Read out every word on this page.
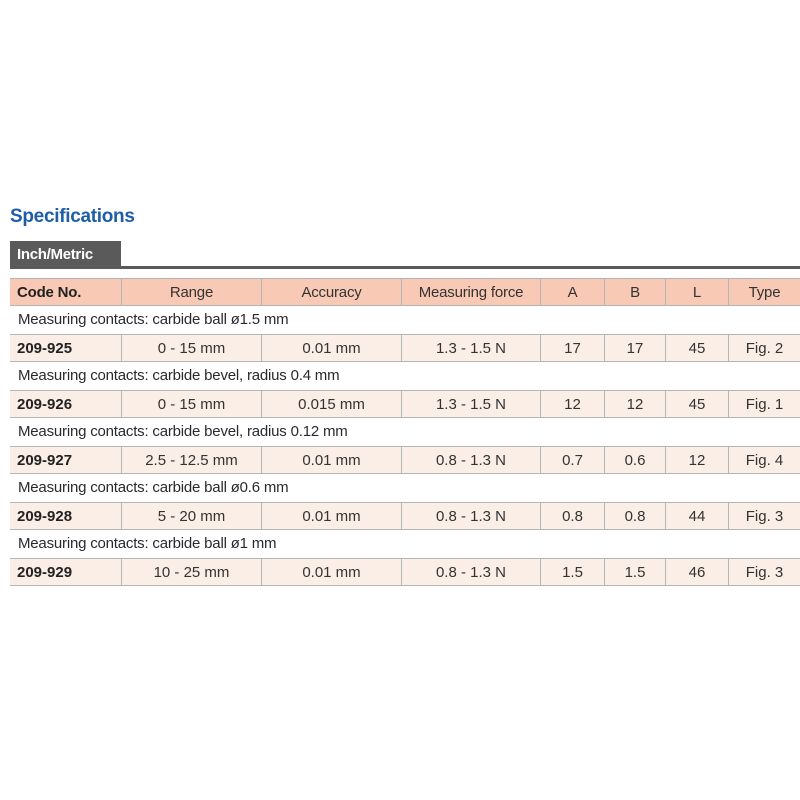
Specifications
Inch/Metric
Code No.	Range	Accuracy	Measuring force	A	B	L	Type
Measuring contacts: carbide ball ø1.5 mm
209-925	0 - 15 mm	0.01 mm	1.3 - 1.5 N	17	17	45	Fig. 2
Measuring contacts: carbide bevel, radius 0.4 mm
209-926	0 - 15 mm	0.015 mm	1.3 - 1.5 N	12	12	45	Fig. 1
Measuring contacts: carbide bevel, radius 0.12 mm
209-927	2.5 - 12.5 mm	0.01 mm	0.8 - 1.3 N	0.7	0.6	12	Fig. 4
Measuring contacts: carbide ball ø0.6 mm
209-928	5 - 20 mm	0.01 mm	0.8 - 1.3 N	0.8	0.8	44	Fig. 3
Measuring contacts: carbide ball ø1 mm
209-929	10 - 25 mm	0.01 mm	0.8 - 1.3 N	1.5	1.5	46	Fig. 3
